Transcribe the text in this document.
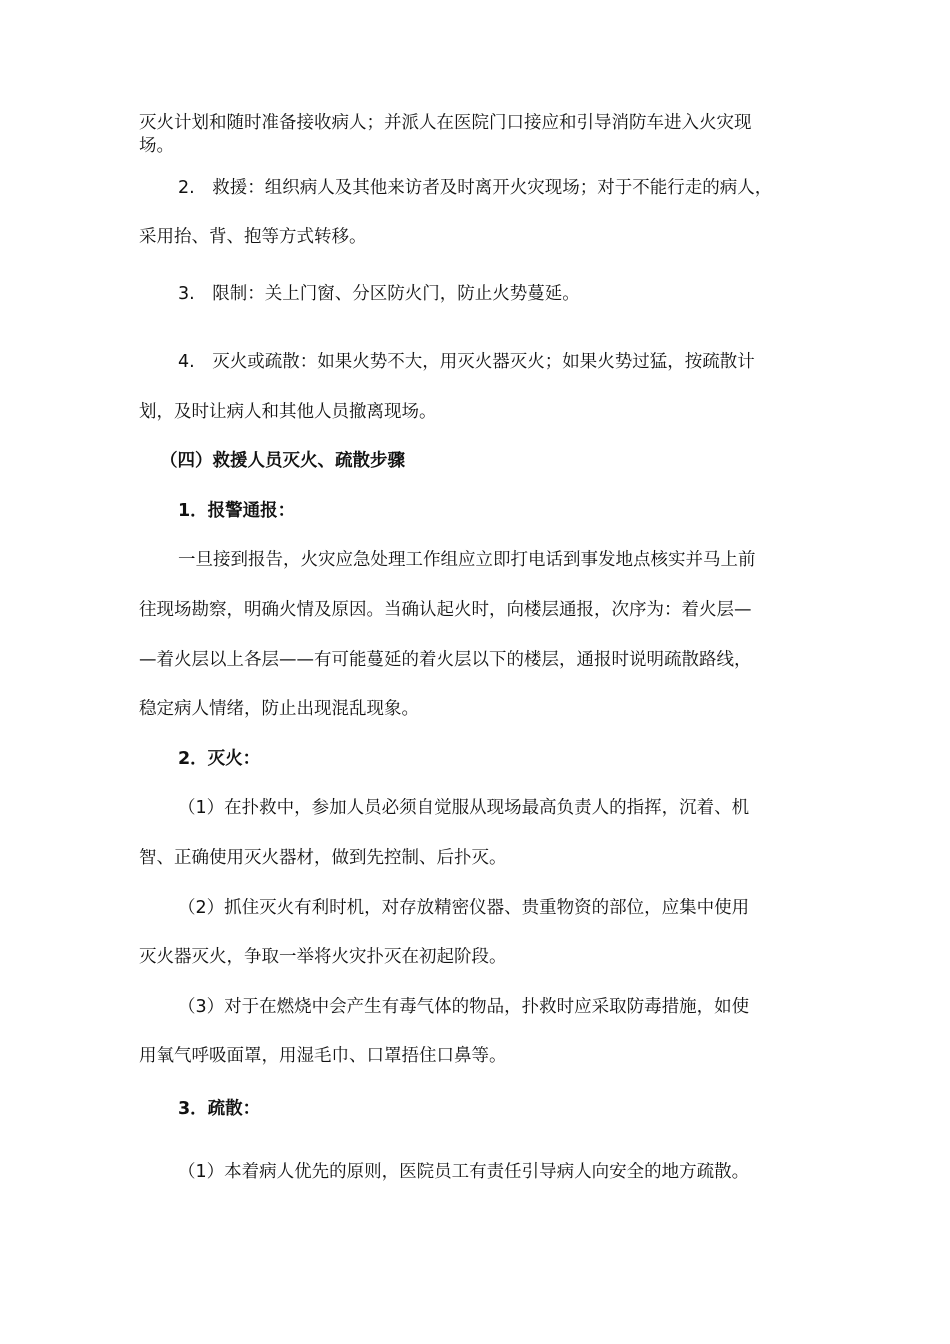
灭火计划和随时准备接收病人；并派人在医院门口接应和引导消防车进入火灾现

场。

2.　救援：组织病人及其他来访者及时离开火灾现场；对于不能行走的病人，

采用抬、背、抱等方式转移。

3.　限制：关上门窗、分区防火门，防止火势蔓延。

4.　灭火或疏散：如果火势不大，用灭火器灭火；如果火势过猛，按疏散计

划，及时让病人和其他人员撤离现场。

（四）救援人员灭火、疏散步骤

1．报警通报：

一旦接到报告，火灾应急处理工作组应立即打电话到事发地点核实并马上前

往现场勘察，明确火情及原因。当确认起火时，向楼层通报，次序为：着火层—

—着火层以上各层——有可能蔓延的着火层以下的楼层，通报时说明疏散路线，

稳定病人情绪，防止出现混乱现象。

2．灭火：

（1）在扑救中，参加人员必须自觉服从现场最高负责人的指挥，沉着、机

智、正确使用灭火器材，做到先控制、后扑灭。

（2）抓住灭火有利时机，对存放精密仪器、贵重物资的部位，应集中使用

灭火器灭火，争取一举将火灾扑灭在初起阶段。

（3）对于在燃烧中会产生有毒气体的物品，扑救时应采取防毒措施，如使

用氧气呼吸面罩，用湿毛巾、口罩捂住口鼻等。

3．疏散：

（1）本着病人优先的原则，医院员工有责任引导病人向安全的地方疏散。
